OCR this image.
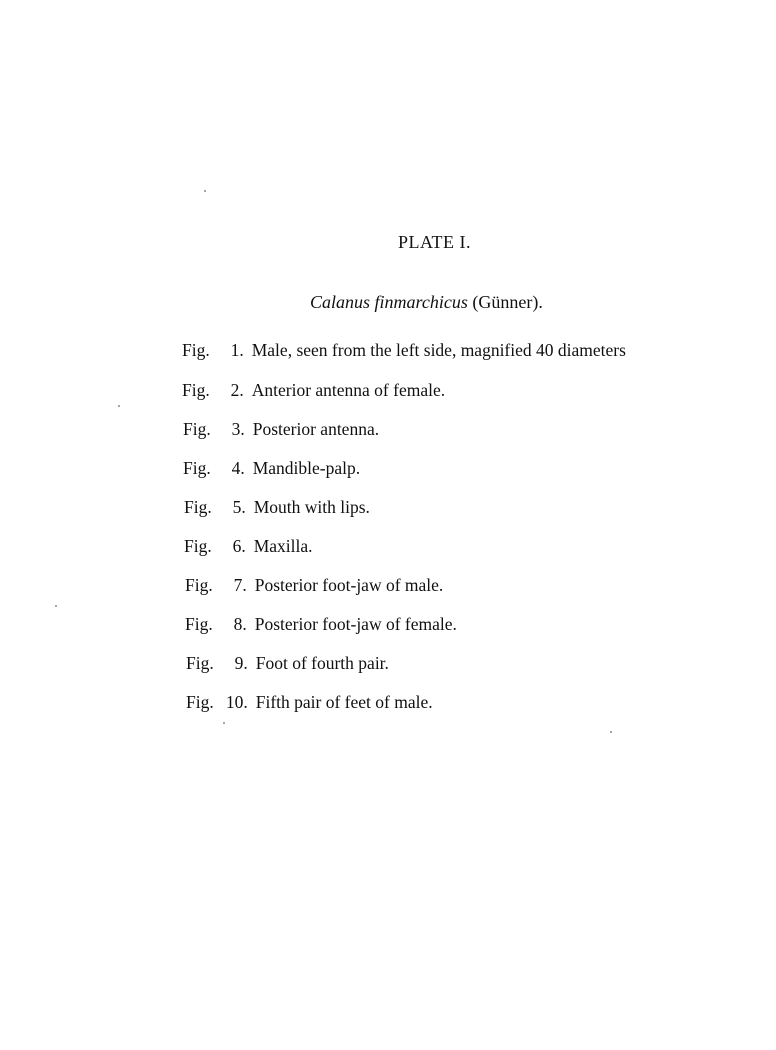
PLATE I.
Calanus finmarchicus (Günner).
Fig.	1. Male, seen from the left side, magnified 40 diameters
Fig.	2. Anterior antenna of female.
Fig.	3. Posterior antenna.
Fig.	4. Mandible-palp.
Fig.	5. Mouth with lips.
Fig.	6. Maxilla.
Fig.	7. Posterior foot-jaw of male.
Fig.	8. Posterior foot-jaw of female.
Fig.	9. Foot of fourth pair.
Fig. 10. Fifth pair of feet of male.
